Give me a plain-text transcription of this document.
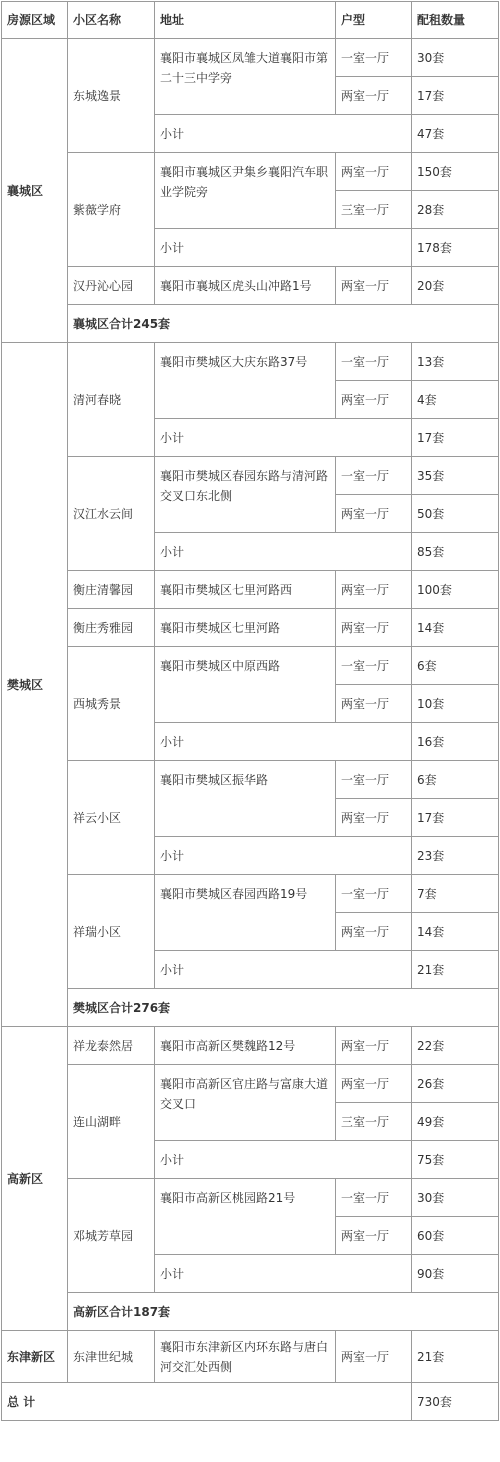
房源区域	小区名称	地址	户型	配租数量
襄城区	东城逸景	襄阳市襄城区凤雏大道襄阳市第二十三中学旁	一室一厅	30套
			两室一厅	17套
		小计		47套
	紫薇学府	襄阳市襄城区尹集乡襄阳汽车职业学院旁	两室一厅	150套
			三室一厅	28套
		小计		178套
	汉丹沁心园	襄阳市襄城区虎头山冲路1号	两室一厅	20套
	襄城区合计245套			
樊城区	清河春晓	襄阳市樊城区大庆东路37号	一室一厅	13套
			两室一厅	4套
		小计		17套
	汉江水云间	襄阳市樊城区春园东路与清河路交叉口东北侧	一室一厅	35套
			两室一厅	50套
		小计		85套
	衡庄清馨园	襄阳市樊城区七里河路西	两室一厅	100套
	衡庄秀雅园	襄阳市樊城区七里河路	两室一厅	14套
	西城秀景	襄阳市樊城区中原西路	一室一厅	6套
			两室一厅	10套
		小计		16套
	祥云小区	襄阳市樊城区振华路	一室一厅	6套
			两室一厅	17套
		小计		23套
	祥瑞小区	襄阳市樊城区春园西路19号	一室一厅	7套
			两室一厅	14套
		小计		21套
	樊城区合计276套			
高新区	祥龙泰然居	襄阳市高新区樊魏路12号	两室一厅	22套
	连山湖畔	襄阳市高新区官庄路与富康大道交叉口	两室一厅	26套
			三室一厅	49套
		小计		75套
	邓城芳草园	襄阳市高新区桃园路21号	一室一厅	30套
			两室一厅	60套
		小计		90套
	高新区合计187套			
东津新区	东津世纪城	襄阳市东津新区内环东路与唐白河交汇处西侧	两室一厅	21套
总 计				730套
